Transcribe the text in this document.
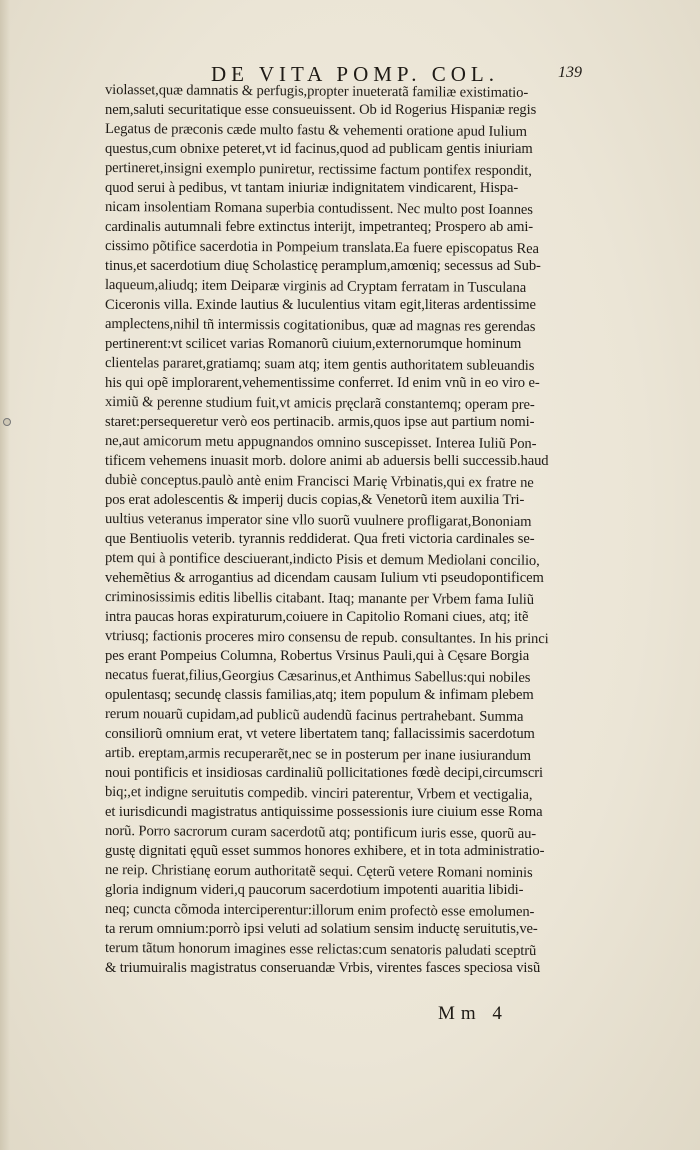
DE VITA POMP. COL.	139
violasset,quæ damnatis & perfugis,propter inueteratã familiæ existimatio-
nem,saluti securitatique esse consueuissent. Ob id Rogerius Hispaniæ regis
Legatus de præconis cæde multo fastu & vehementi oratione apud Iulium
questus,cum obnixe peteret,vt id facinus,quod ad publicam gentis iniuriam
pertineret,insigni exemplo puniretur, rectissime factum pontifex respondit,
quod serui à pedibus, vt tantam iniuriæ indignitatem vindicarent, Hispa-
nicam insolentiam Romana superbia contudissent. Nec multo post Ioannes
cardinalis autumnali febre extinctus interijt, impetranteq; Prospero ab ami-
cissimo põtifice sacerdotia in Pompeium translata.Ea fuere episcopatus Rea
tinus,et sacerdotium diuę Scholasticę peramplum,amœniq; secessus ad Sub-
laqueum,aliudq; item Deiparæ virginis ad Cryptam ferratam in Tusculana
Ciceronis villa. Exinde lautius & luculentius vitam egit,literas ardentissime
amplectens,nihil tñ intermissis cogitationibus, quæ ad magnas res gerendas
pertinerent:vt scilicet varias Romanorũ ciuium,externorumque hominum
clientelas pararet,gratiamq; suam atq; item gentis authoritatem subleuandis
his qui opẽ implorarent,vehementissime conferret. Id enim vnũ in eo viro e-
ximiũ & perenne studium fuit,vt amicis pręclarã constantemq; operam pre-
staret:persequeretur verò eos pertinacib. armis,quos ipse aut partium nomi-
ne,aut amicorum metu appugnandos omnino suscepisset. Interea Iuliũ Pon-
tificem vehemens inuasit morb. dolore animi ab aduersis belli successib.haud
dubiè conceptus.paulò antè enim Francisci Marię Vrbinatis,qui ex fratre ne
pos erat adolescentis & imperij ducis copias,& Venetorũ item auxilia Tri-
uultius veteranus imperator sine vllo suorũ vuulnere profligarat,Bononiam
que Bentiuolis veterib. tyrannis reddiderat. Qua freti victoria cardinales se-
ptem qui à pontifice desciuerant,indicto Pisis et demum Mediolani concilio,
vehemẽtius & arrogantius ad dicendam causam Iulium vti pseudopontificem
criminosissimis editis libellis citabant. Itaq; manante per Vrbem fama Iuliũ
intra paucas horas expiraturum,coiuere in Capitolio Romani ciues, atq; itẽ
vtriusq; factionis proceres miro consensu de repub. consultantes. In his princi
pes erant Pompeius Columna, Robertus Vrsinus Pauli,qui à Cęsare Borgia
necatus fuerat,filius,Georgius Cæsarinus,et Anthimus Sabellus:qui nobiles
opulentasq; secundę classis familias,atq; item populum & infimam plebem
rerum nouarũ cupidam,ad publicũ audendũ facinus pertrahebant. Summa
consiliorũ omnium erat, vt vetere libertatem tanq; fallacissimis sacerdotum
artib. ereptam,armis recuperarẽt,nec se in posterum per inane iusiurandum
noui pontificis et insidiosas cardinaliũ pollicitationes fœdè decipi,circumscri
biq;,et indigne seruitutis compedib. vinciri paterentur, Vrbem et vectigalia,
et iurisdicundi magistratus antiquissime possessionis iure ciuium esse Roma
norũ. Porro sacrorum curam sacerdotũ atq; pontificum iuris esse, quorũ au-
gustę dignitati ęquũ esset summos honores exhibere, et in tota administratio-
ne reip. Christianę eorum authoritatẽ sequi. Cęterũ vetere Romani nominis
gloria indignum videri,q paucorum sacerdotium impotenti auaritia libidi-
neq; cuncta cõmoda interciperentur:illorum enim profectò esse emolumen-
ta rerum omnium:porrò ipsi veluti ad solatium sensim inductę seruitutis,ve-
terum tãtum honorum imagines esse relictas:cum senatoris paludati sceptrũ
& triumuiralis magistratus conseruandæ Vrbis, virentes fasces speciosa visũ
Mm 4
